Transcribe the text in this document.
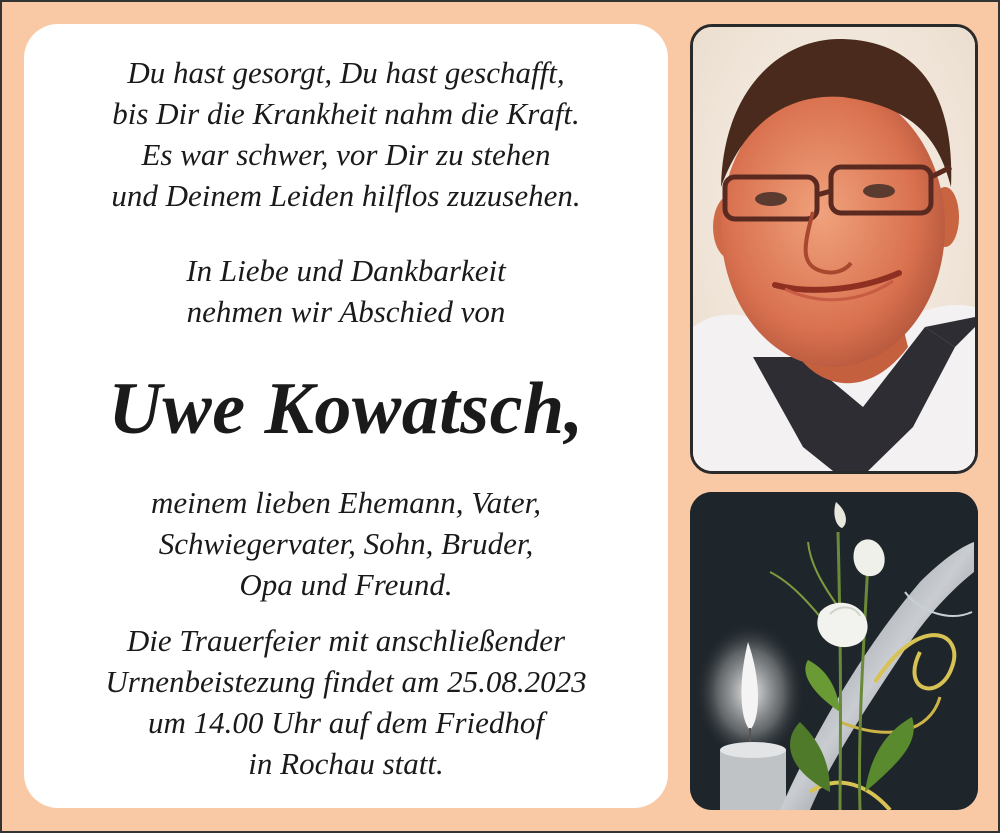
Du hast gesorgt, Du hast geschafft,
bis Dir die Krankheit nahm die Kraft.
Es war schwer, vor Dir zu stehen
und Deinem Leiden hilflos zuzusehen.
In Liebe und Dankbarkeit
nehmen wir Abschied von
Uwe Kowatsch,
meinem lieben Ehemann, Vater,
Schwiegervater, Sohn, Bruder,
Opa und Freund.
Die Trauerfeier mit anschließender
Urnenbeistezung findet am 25.08.2023
um 14.00 Uhr auf dem Friedhof
in Rochau statt.
